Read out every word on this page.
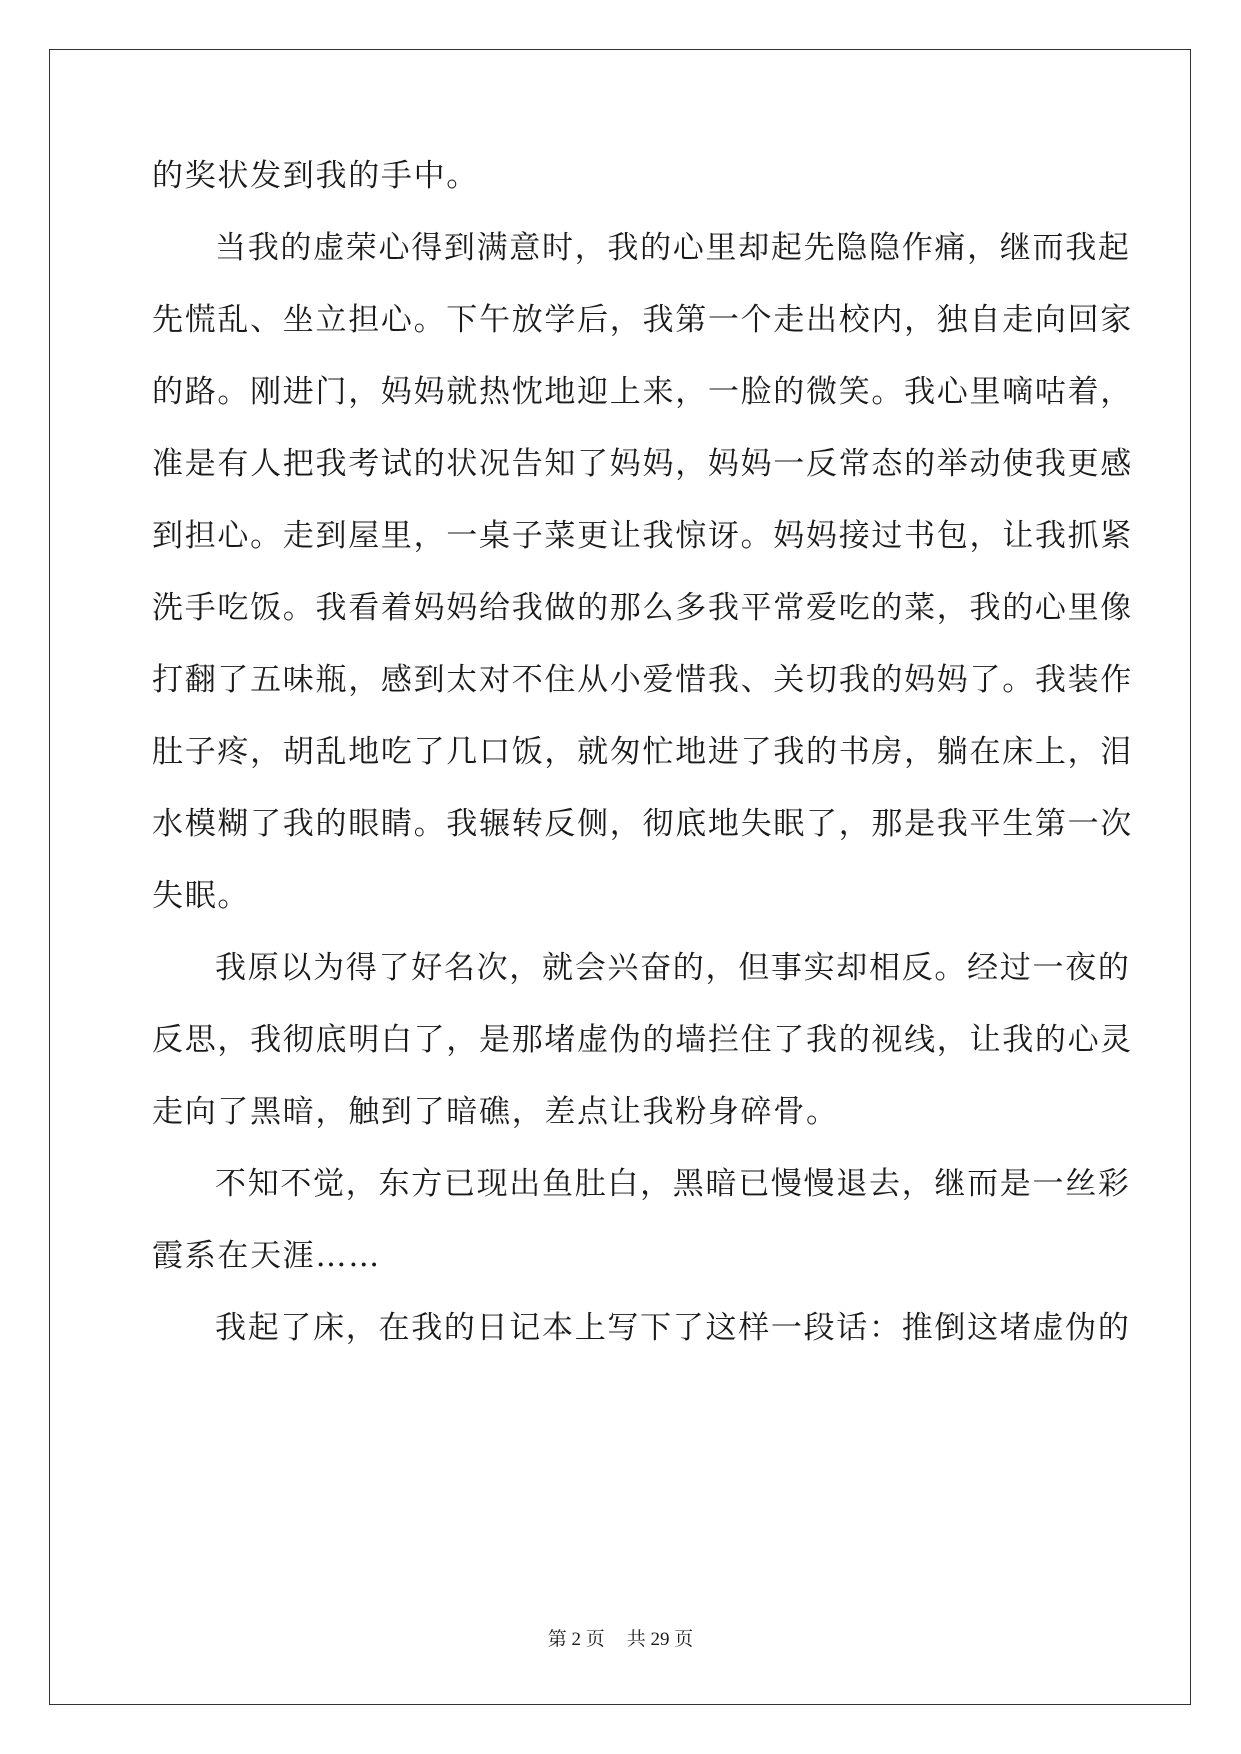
的奖状发到我的手中。
当我的虚荣心得到满意时，我的心里却起先隐隐作痛，继而我起
先慌乱、坐立担心。下午放学后，我第一个走出校内，独自走向回家
的路。刚进门，妈妈就热忱地迎上来，一脸的微笑。我心里嘀咕着，
准是有人把我考试的状况告知了妈妈，妈妈一反常态的举动使我更感
到担心。走到屋里，一桌子菜更让我惊讶。妈妈接过书包，让我抓紧
洗手吃饭。我看着妈妈给我做的那么多我平常爱吃的菜，我的心里像
打翻了五味瓶，感到太对不住从小爱惜我、关切我的妈妈了。我装作
肚子疼，胡乱地吃了几口饭，就匆忙地进了我的书房，躺在床上，泪
水模糊了我的眼睛。我辗转反侧，彻底地失眠了，那是我平生第一次
失眠。
我原以为得了好名次，就会兴奋的，但事实却相反。经过一夜的
反思，我彻底明白了，是那堵虚伪的墙拦住了我的视线，让我的心灵
走向了黑暗，触到了暗礁，差点让我粉身碎骨。
不知不觉，东方已现出鱼肚白，黑暗已慢慢退去，继而是一丝彩
霞系在天涯……
我起了床，在我的日记本上写下了这样一段话：推倒这堵虚伪的
第 2 页 共 29 页
